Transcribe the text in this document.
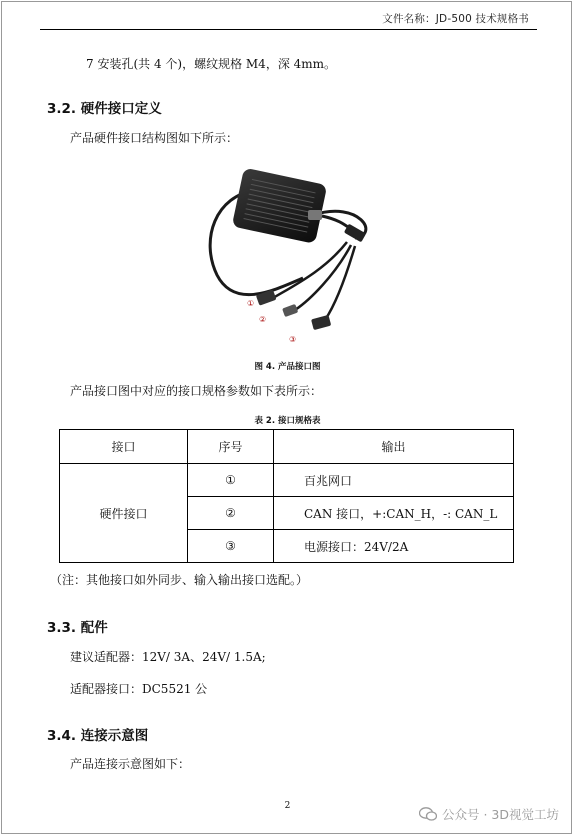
文件名称：JD-500 技术规格书
7 安装孔(共 4 个)，螺纹规格 M4，深 4mm。
3.2. 硬件接口定义
产品硬件接口结构图如下所示：
①
②
③
图 4. 产品接口图
产品接口图中对应的接口规格参数如下表所示：
表 2. 接口规格表
接口	序号	输出
硬件接口	①	百兆网口
	②	CAN 接口，+:CAN_H，-: CAN_L
	③	电源接口：24V/2A
（注：其他接口如外同步、输入输出接口选配。）
3.3. 配件
建议适配器：12V/ 3A、24V/ 1.5A;
适配器接口：DC5521 公
3.4. 连接示意图
产品连接示意图如下：
2
公众号 · 3D视觉工坊
